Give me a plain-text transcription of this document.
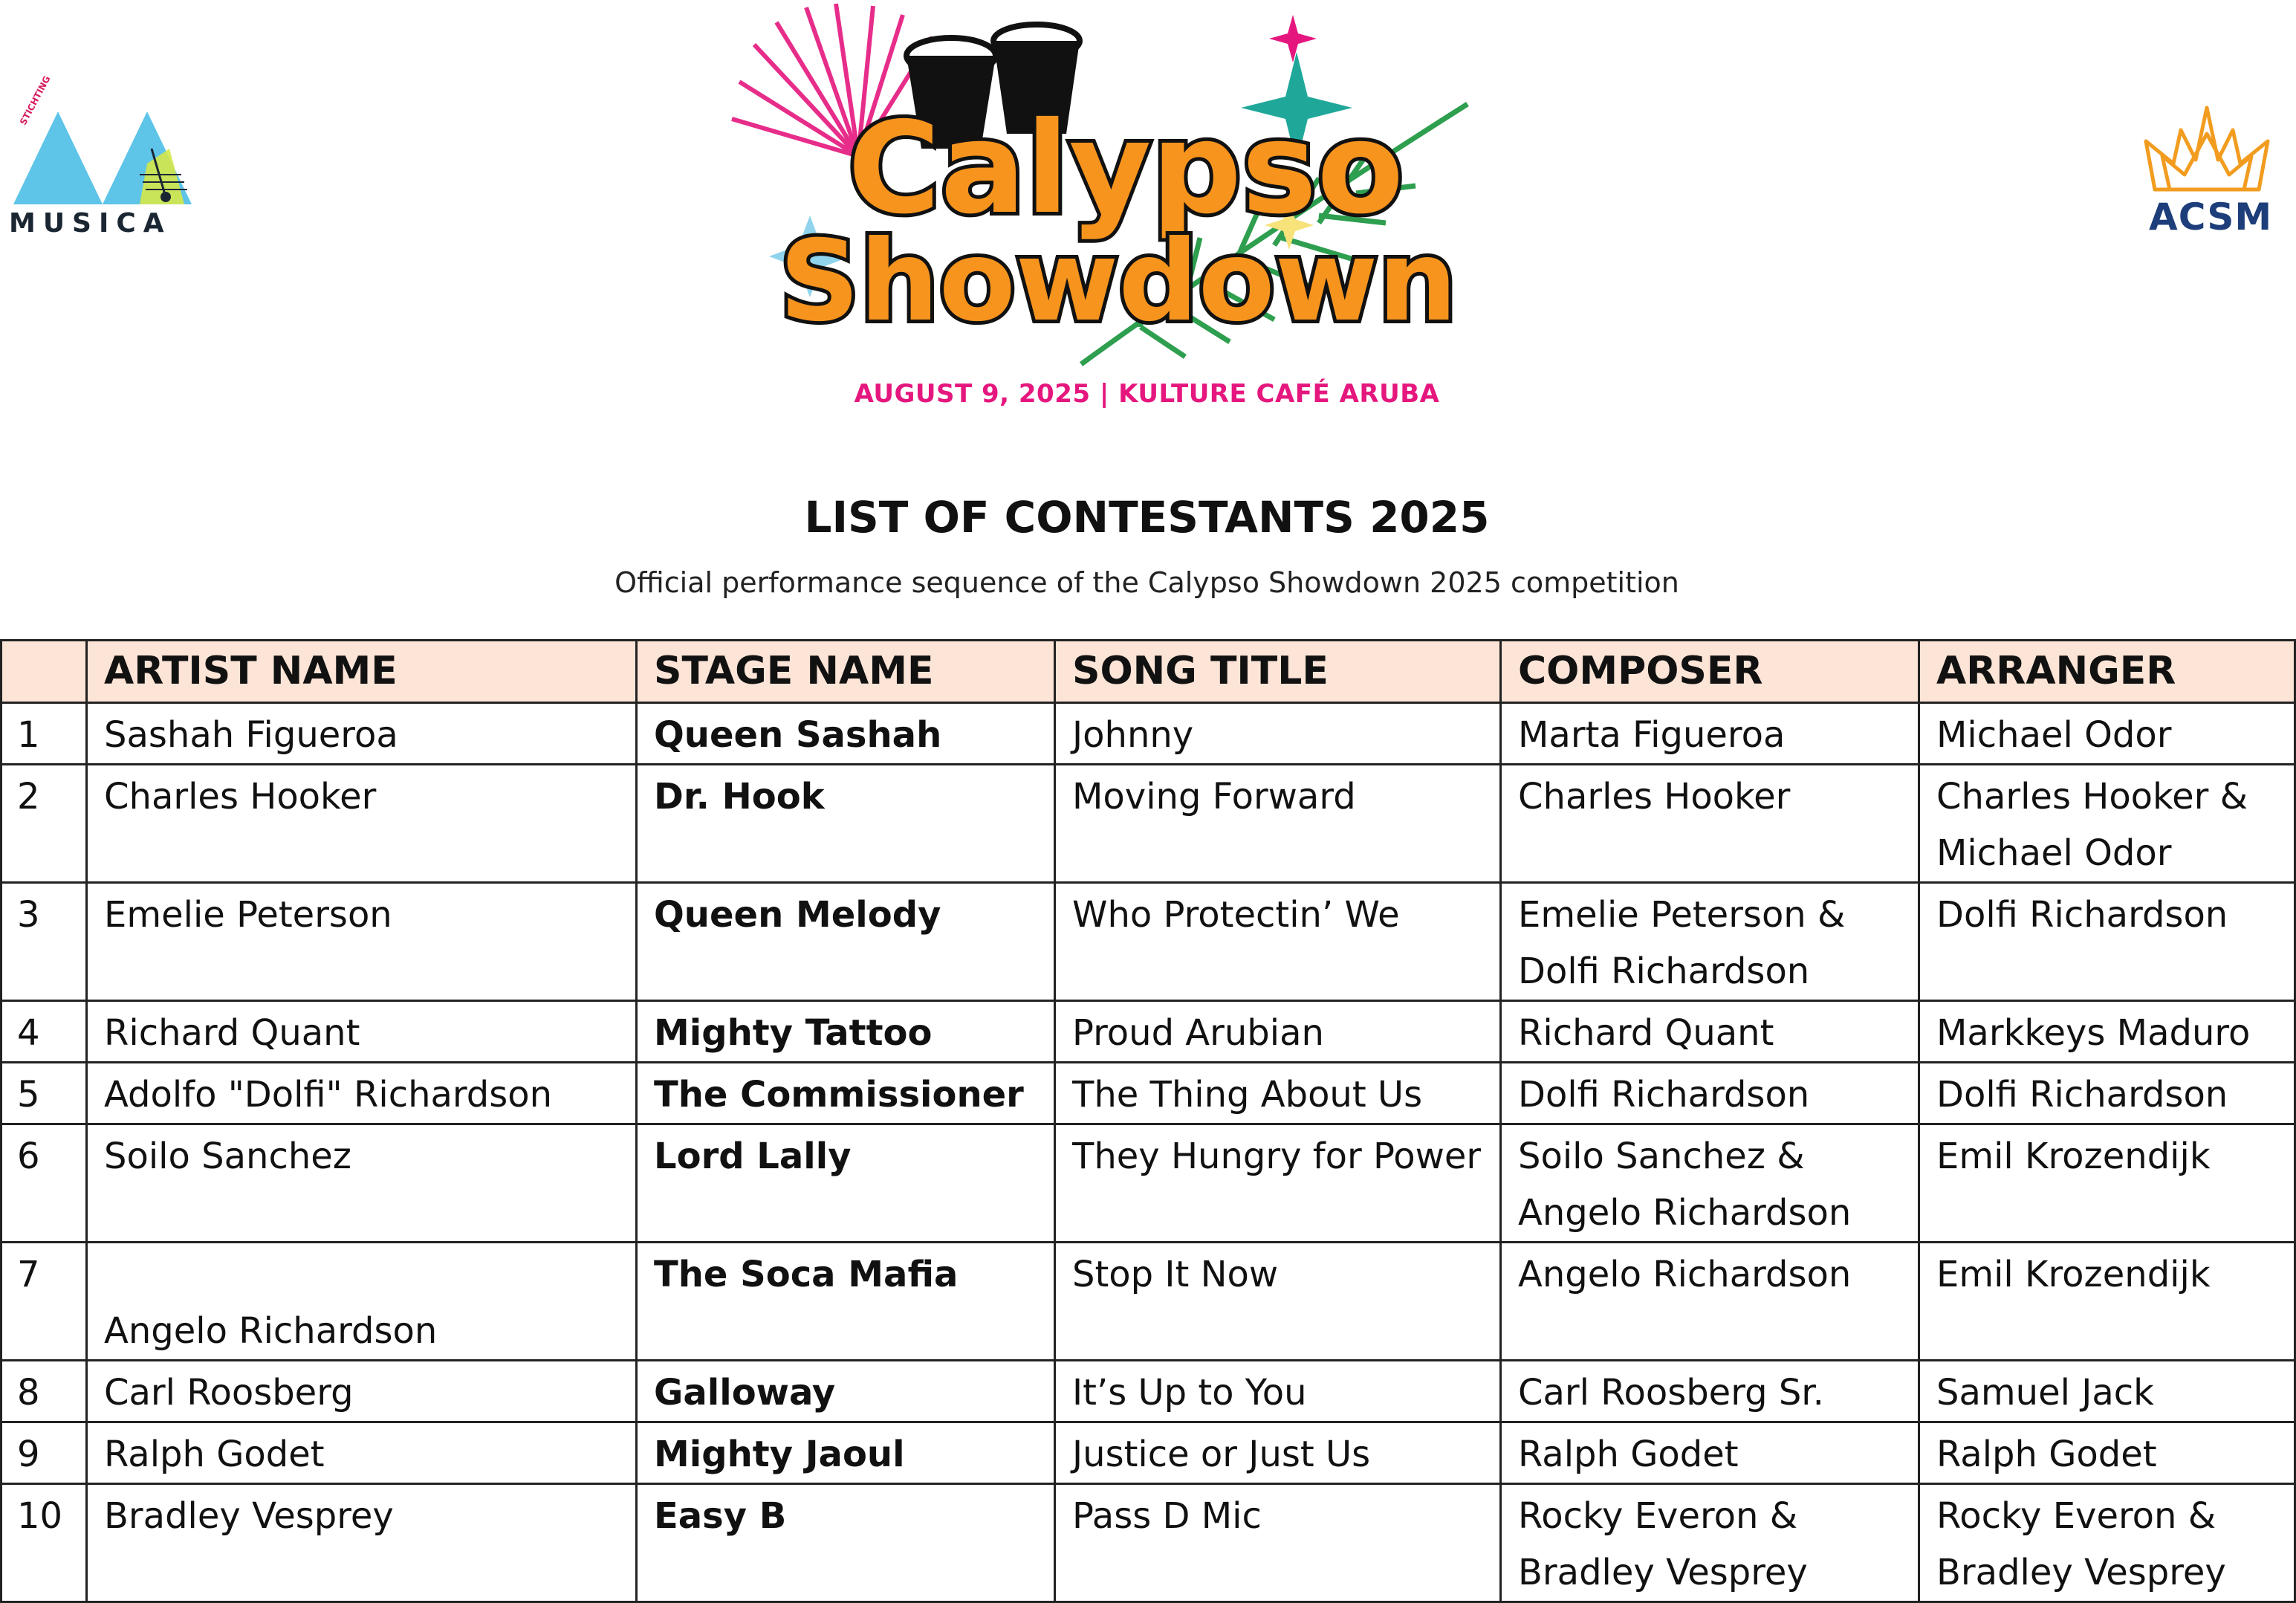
STICHTING
MUSICA	Calypso
Showdown	ACSM
AUGUST 9, 2025 | KULTURE CAFÉ ARUBA
LIST OF CONTESTANTS 2025
Official performance sequence of the Calypso Showdown 2025 competition
	ARTIST NAME	STAGE NAME	SONG TITLE	COMPOSER	ARRANGER
1	Sashah Figueroa	Queen Sashah	Johnny	Marta Figueroa	Michael Odor
2	Charles Hooker	Dr. Hook	Moving Forward	Charles Hooker	Charles Hooker & Michael Odor
3	Emelie Peterson	Queen Melody	Who Protectin’ We	Emelie Peterson & Dolfi Richardson	Dolfi Richardson
4	Richard Quant	Mighty Tattoo	Proud Arubian	Richard Quant	Markkeys Maduro
5	Adolfo "Dolfi" Richardson	The Commissioner	The Thing About Us	Dolfi Richardson	Dolfi Richardson
6	Soilo Sanchez	Lord Lally	They Hungry for Power	Soilo Sanchez & Angelo Richardson	Emil Krozendijk
7	Angelo Richardson	The Soca Mafia	Stop It Now	Angelo Richardson	Emil Krozendijk
8	Carl Roosberg	Galloway	It’s Up to You	Carl Roosberg Sr.	Samuel Jack
9	Ralph Godet	Mighty Jaoul	Justice or Just Us	Ralph Godet	Ralph Godet
10	Bradley Vesprey	Easy B	Pass D Mic	Rocky Everon & Bradley Vesprey	Rocky Everon & Bradley Vesprey
